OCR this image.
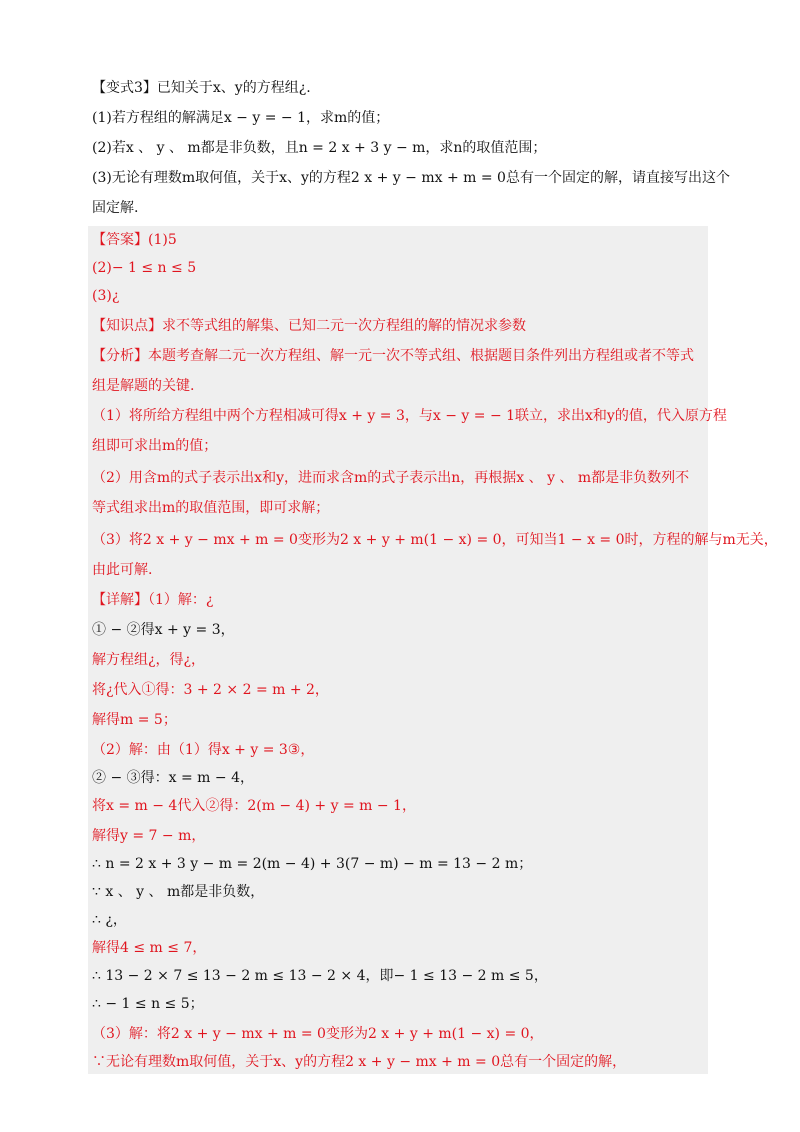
【变式3】已知关于x、y的方程组¿.
(1)若方程组的解满足x − y = − 1，求m的值；
(2)若x 、 y 、 m都是非负数，且n = 2 x + 3 y − m，求n的取值范围；
(3)无论有理数m取何值，关于x、y的方程2 x + y − mx + m = 0总有一个固定的解，请直接写出这个
固定解.
【答案】(1)5
(2)− 1 ≤ n ≤ 5
(3)¿
【知识点】求不等式组的解集、已知二元一次方程组的解的情况求参数
【分析】本题考查解二元一次方程组、解一元一次不等式组、根据题目条件列出方程组或者不等式
组是解题的关键.
（1）将所给方程组中两个方程相减可得x + y = 3，与x − y = − 1联立，求出x和y的值，代入原方程
组即可求出m的值；
（2）用含m的式子表示出x和y，进而求含m的式子表示出n，再根据x 、 y 、 m都是非负数列不
等式组求出m的取值范围，即可求解；
（3）将2 x + y − mx + m = 0变形为2 x + y + m(1 − x) = 0，可知当1 − x = 0时，方程的解与m无关，
由此可解.
【详解】（1）解：¿
① − ②得x + y = 3，
解方程组¿，得¿，
将¿代入①得：3 + 2 × 2 = m + 2，
解得m = 5；
（2）解：由（1）得x + y = 3③，
② − ③得：x = m − 4，
将x = m − 4代入②得：2(m − 4) + y = m − 1，
解得y = 7 − m，
∴ n = 2 x + 3 y − m = 2(m − 4) + 3(7 − m) − m = 13 − 2 m；
∵ x 、 y 、 m都是非负数，
∴ ¿，
解得4 ≤ m ≤ 7，
∴ 13 − 2 × 7 ≤ 13 − 2 m ≤ 13 − 2 × 4，即− 1 ≤ 13 − 2 m ≤ 5，
∴ − 1 ≤ n ≤ 5；
（3）解：将2 x + y − mx + m = 0变形为2 x + y + m(1 − x) = 0，
∵无论有理数m取何值，关于x、y的方程2 x + y − mx + m = 0总有一个固定的解，
